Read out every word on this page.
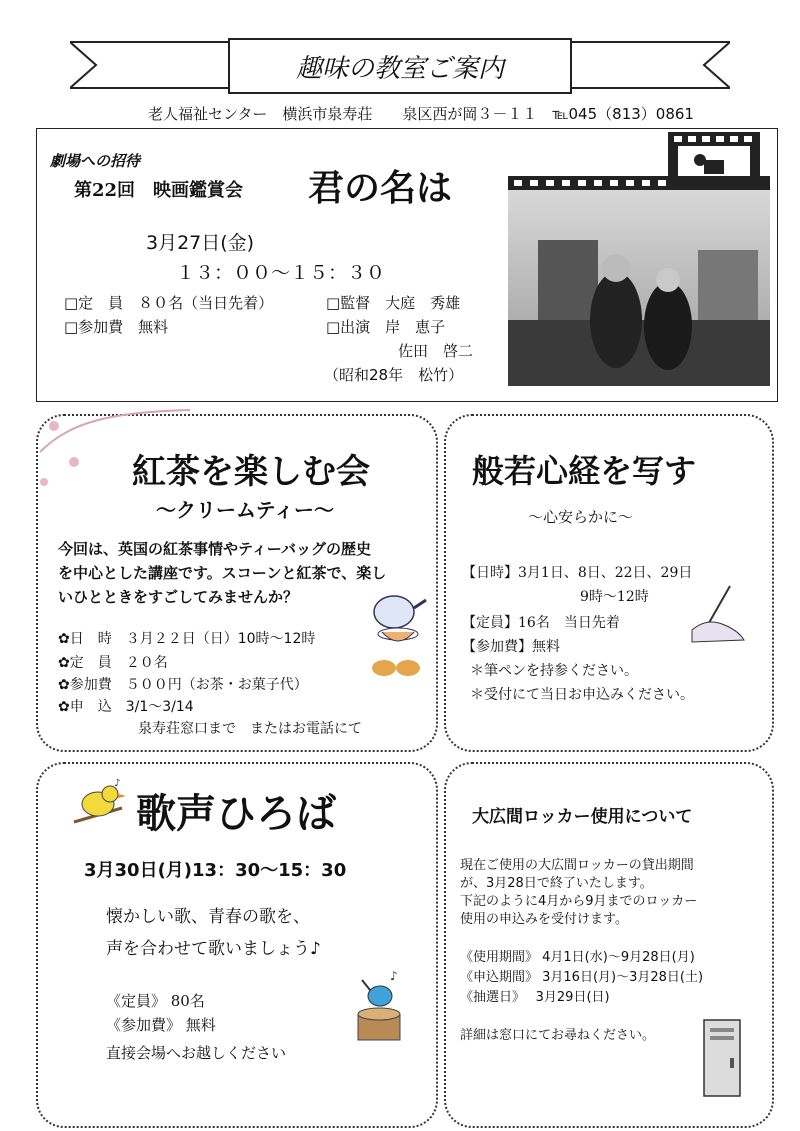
趣味の教室ご案内
老人福祉センター　横浜市泉寿荘　　泉区西が岡３－１１　℡045（813）0861
劇場への招待
第22回　映画鑑賞会 君の名は
3月27日(金)
１３：００～１５：３０
□定　員　８０名（当日先着）
□参加費　無料
□監督　大庭　秀雄
□出演　岸　恵子
佐田　啓二
（昭和28年　松竹）
紅茶を楽しむ会
～クリームティー～
今回は、英国の紅茶事情やティーバッグの歴史
を中心とした講座です。スコーンと紅茶で、楽し
いひとときをすごしてみませんか？
✿日　時　３月２２日（日）10時～12時
✿定　員　２０名
✿参加費　５００円（お茶・お菓子代）
✿申　込　3/1～3/14
泉寿荘窓口まで　またはお電話にて
般若心経を写す
～心安らかに～
【日時】3月1日、8日、22日、29日
9時～12時
【定員】16名　当日先着
【参加費】無料
＊筆ペンを持参ください。
＊受付にて当日お申込みください。
♪
歌声ひろば
3月30日(月)13：30～15：30
懐かしい歌、青春の歌を、
声を合わせて歌いましょう♪
《定員》 80名
《参加費》 無料
直接会場へお越しください
♪
大広間ロッカー使用について
現在ご使用の大広間ロッカーの貸出期間
が、3月28日で終了いたします。
下記のように4月から9月までのロッカー
使用の申込みを受付けます。
《使用期間》 4月1日(水)～9月28日(月)
《申込期間》 3月16日(月)～3月28日(土)
《抽選日》　 3月29日(日)
詳細は窓口にてお尋ねください。
